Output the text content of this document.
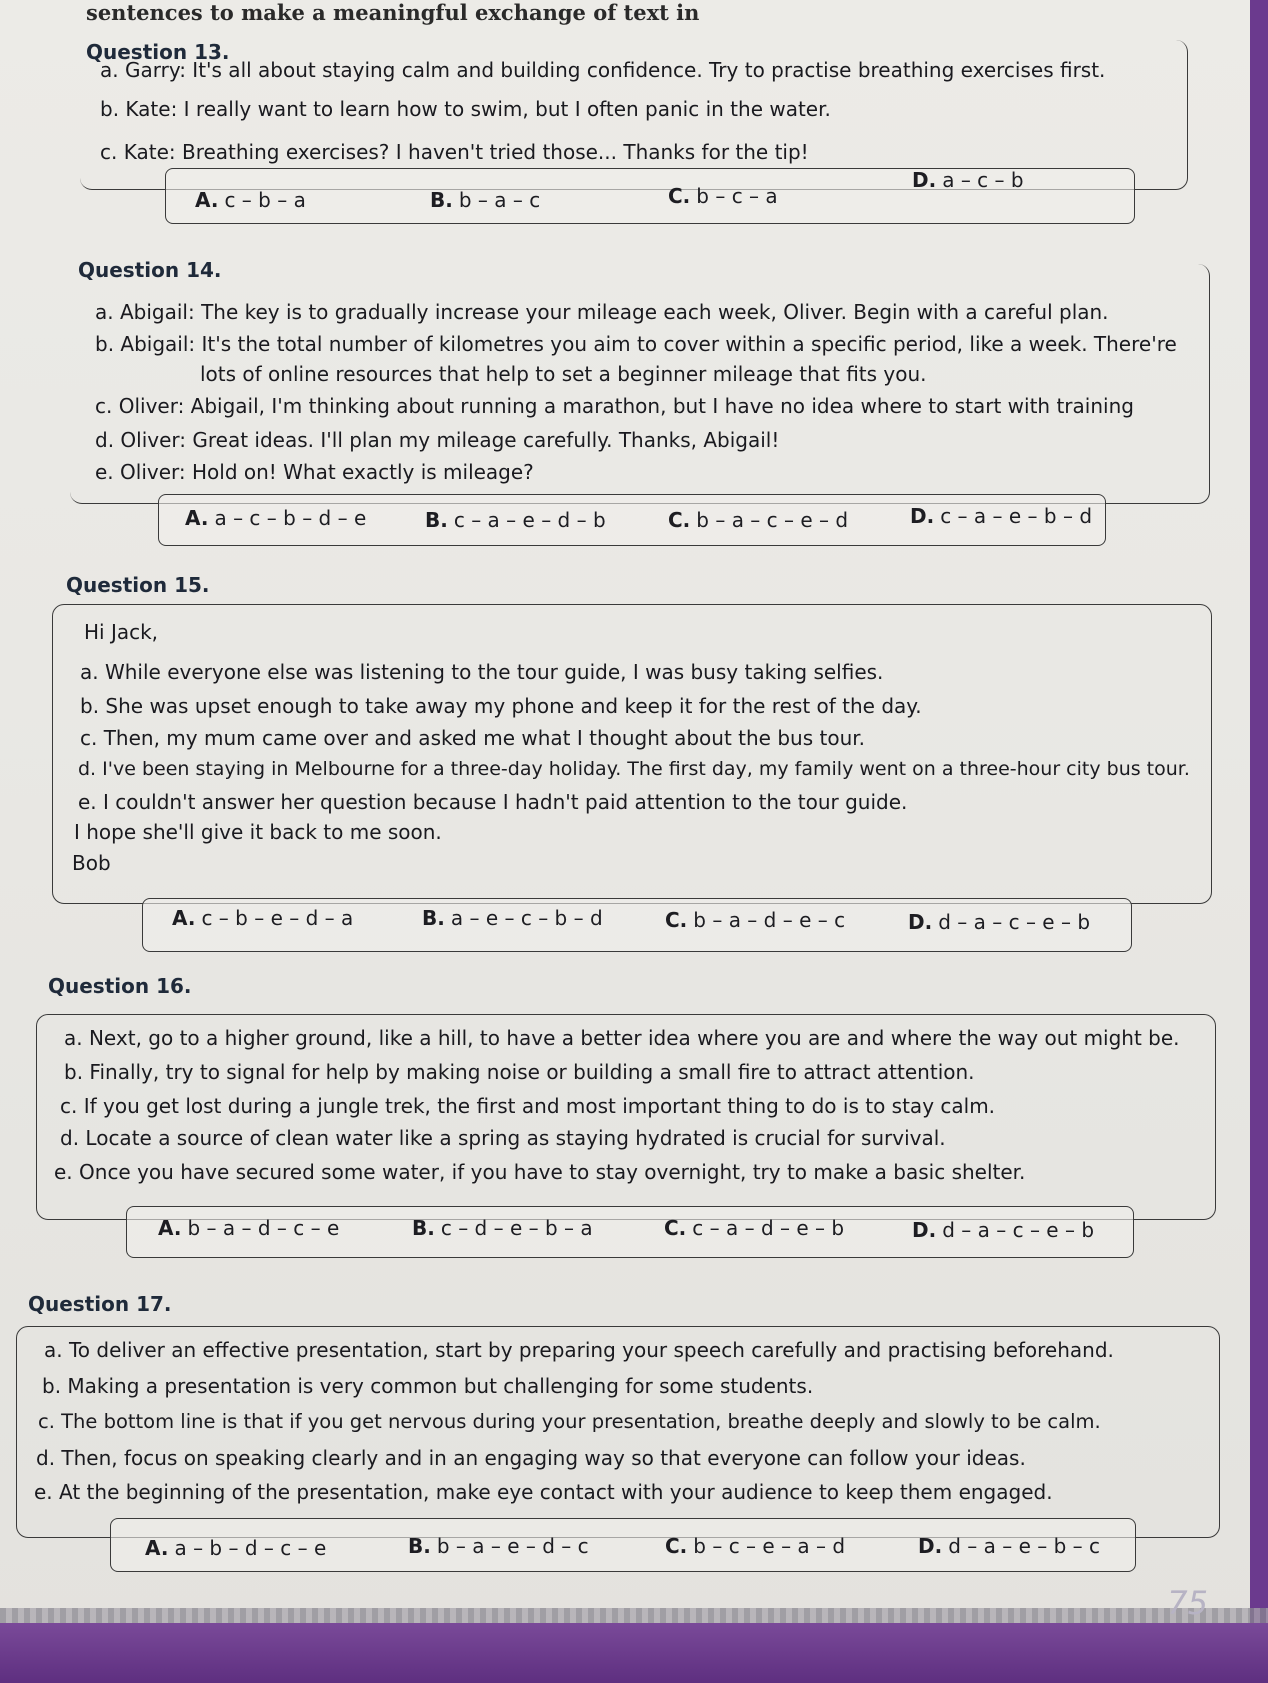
sentences to make a meaningful exchange of text in
Question 13.
a. Garry: It's all about staying calm and building confidence. Try to practise breathing exercises first.
b. Kate: I really want to learn how to swim, but I often panic in the water.
c. Kate: Breathing exercises? I haven't tried those... Thanks for the tip!
A. c – b – a	B. b – a – c	C. b – c – a
D. a – c – b
Question 14.
a. Abigail: The key is to gradually increase your mileage each week, Oliver. Begin with a careful plan.
b. Abigail: It's the total number of kilometres you aim to cover within a specific period, like a week. There're
lots of online resources that help to set a beginner mileage that fits you.
c. Oliver: Abigail, I'm thinking about running a marathon, but I have no idea where to start with training
d. Oliver: Great ideas. I'll plan my mileage carefully. Thanks, Abigail!
e. Oliver: Hold on! What exactly is mileage?
A. a – c – b – d – e	B. c – a – e – d – b	C. b – a – c – e – d	D. c – a – e – b – d
Question 15.
Hi Jack,
a. While everyone else was listening to the tour guide, I was busy taking selfies.
b. She was upset enough to take away my phone and keep it for the rest of the day.
c. Then, my mum came over and asked me what I thought about the bus tour.
d. I've been staying in Melbourne for a three-day holiday. The first day, my family went on a three-hour city bus tour.
e. I couldn't answer her question because I hadn't paid attention to the tour guide.
I hope she'll give it back to me soon.
Bob
A. c – b – e – d – a	B. a – e – c – b – d	C. b – a – d – e – c	D. d – a – c – e – b
Question 16.
a. Next, go to a higher ground, like a hill, to have a better idea where you are and where the way out might be.
b. Finally, try to signal for help by making noise or building a small fire to attract attention.
c. If you get lost during a jungle trek, the first and most important thing to do is to stay calm.
d. Locate a source of clean water like a spring as staying hydrated is crucial for survival.
e. Once you have secured some water, if you have to stay overnight, try to make a basic shelter.
A. b – a – d – c – e	B. c – d – e – b – a	C. c – a – d – e – b	D. d – a – c – e – b
Question 17.
a. To deliver an effective presentation, start by preparing your speech carefully and practising beforehand.
b. Making a presentation is very common but challenging for some students.
c. The bottom line is that if you get nervous during your presentation, breathe deeply and slowly to be calm.
d. Then, focus on speaking clearly and in an engaging way so that everyone can follow your ideas.
e. At the beginning of the presentation, make eye contact with your audience to keep them engaged.
A. a – b – d – c – e	B. b – a – e – d – c	C. b – c – e – a – d	D. d – a – e – b – c
75
